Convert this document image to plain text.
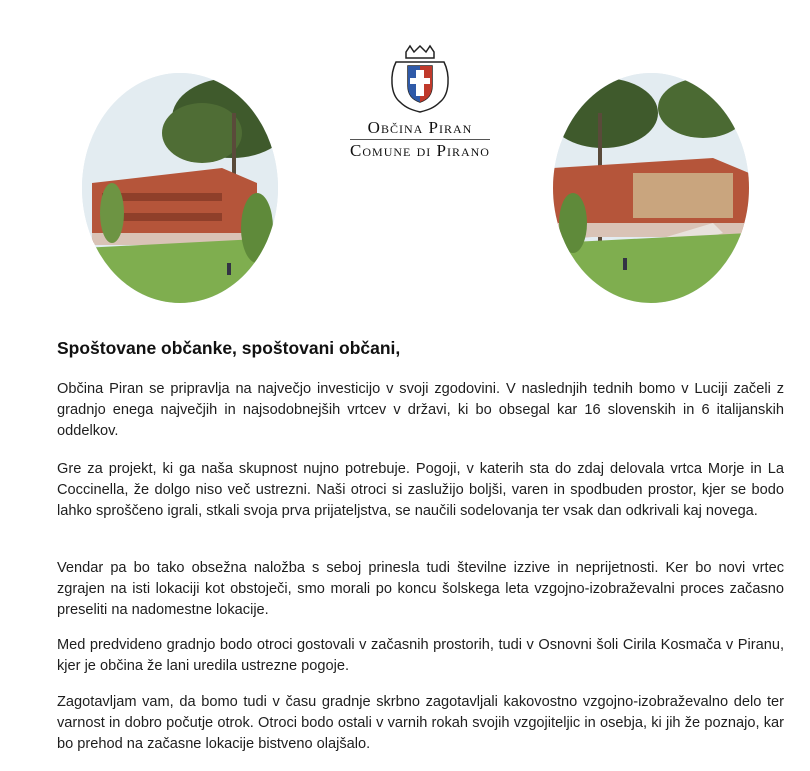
Občina Piran
Comune di Pirano
Spoštovane občanke, spoštovani občani,

Občina Piran se pripravlja na največjo investicijo v svoji zgodovini. V naslednjih tednih bomo v Luciji začeli z gradnjo enega največjih in najsodobnejših vrtcev v državi, ki bo obsegal kar 16 slovenskih in 6 italijanskih oddelkov.

Gre za projekt, ki ga naša skupnost nujno potrebuje. Pogoji, v katerih sta do zdaj delovala vrtca Morje in La Coccinella, že dolgo niso več ustrezni. Naši otroci si zaslužijo boljši, varen in spodbuden prostor, kjer se bodo lahko sproščeno igrali, stkali svoja prva prijateljstva, se naučili sodelovanja ter vsak dan odkrivali kaj novega.

Vendar pa bo tako obsežna naložba s seboj prinesla tudi številne izzive in neprijetnosti. Ker bo novi vrtec zgrajen na isti lokaciji kot obstoječi, smo morali po koncu šolskega leta vzgojno-izobraževalni proces začasno preseliti na nadomestne lokacije.

Med predvideno gradnjo bodo otroci gostovali v začasnih prostorih, tudi v Osnovni šoli Cirila Kosmača v Piranu, kjer je občina že lani uredila ustrezne pogoje.

Zagotavljam vam, da bomo tudi v času gradnje skrbno zagotavljali kakovostno vzgojno-izobraževalno delo ter varnost in dobro počutje otrok. Otroci bodo ostali v varnih rokah svojih vzgojiteljic in osebja, ki jih že poznajo, kar bo prehod na začasne lokacije bistveno olajšalo.
